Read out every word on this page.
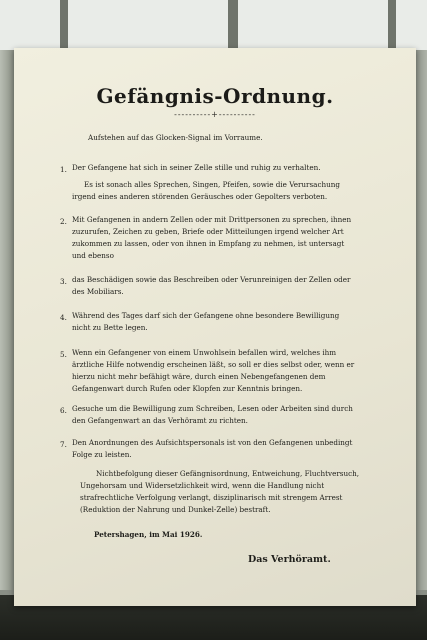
Gefängnis-Ordnung.
----------+----------
Aufstehen auf das Glocken-Signal im Vorraume.
1. Der Gefangene hat sich in seiner Zelle stille und ruhig zu verhalten.
Es ist sonach alles Sprechen, Singen, Pfeifen, sowie die Verursachung
irgend eines anderen störenden Geräusches oder Gepolters verboten.
2. Mit Gefangenen in andern Zellen oder mit Drittpersonen zu sprechen, ihnen
zuzurufen, Zeichen zu geben, Briefe oder Mitteilungen irgend welcher Art
zukommen zu lassen, oder von ihnen in Empfang zu nehmen, ist untersagt
und ebenso
3. das Beschädigen sowie das Beschreiben oder Verunreinigen der Zellen oder
des Mobiliars.
4. Während des Tages darf sich der Gefangene ohne besondere Bewilligung
nicht zu Bette legen.
5. Wenn ein Gefangener von einem Unwohlsein befallen wird, welches ihm
ärztliche Hilfe notwendig erscheinen läßt, so soll er dies selbst oder, wenn er
hierzu nicht mehr befähigt wäre, durch einen Nebengefangenen dem
Gefangenwart durch Rufen oder Klopfen zur Kenntnis bringen.
6. Gesuche um die Bewilligung zum Schreiben, Lesen oder Arbeiten sind durch
den Gefangenwart an das Verhöramt zu richten.
7. Den Anordnungen des Aufsichtspersonals ist von den Gefangenen unbedingt
Folge zu leisten.
Nichtbefolgung dieser Gefängnisordnung, Entweichung, Fluchtversuch,
Ungehorsam und Widersetzlichkeit wird, wenn die Handlung nicht
strafrechtliche Verfolgung verlangt, disziplinarisch mit strengem Arrest
(Reduktion der Nahrung und Dunkel-Zelle) bestraft.
Petershagen, im Mai 1926.
Das Verhöramt.
